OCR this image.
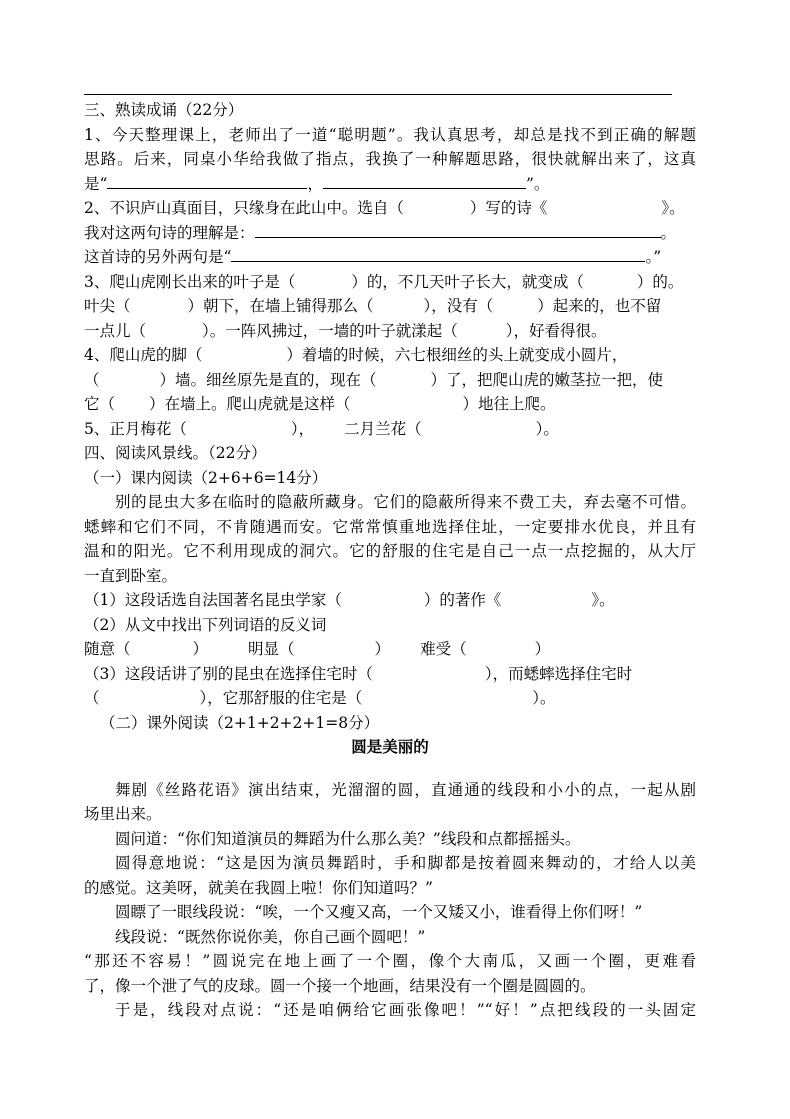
三、熟读成诵（22分）
1、今天整理课上，老师出了一道“聪明题”。我认真思考，却总是找不到正确的解题
思路。后来，同桌小华给我做了指点，我换了一种解题思路，很快就解出来了，这真
是“	，	”。
2、不识庐山真面目，只缘身在此山中。选自（	）写的诗《	》。
我对这两句诗的理解是：	。
这首诗的另外两句是“	。”
3、爬山虎刚长出来的叶子是（	）的，不几天叶子长大，就变成（	）的。
叶尖（	）朝下，在墙上铺得那么（	），没有（	）起来的，也不留
一点儿（	）。一阵风拂过，一墙的叶子就漾起（	），好看得很。
4、爬山虎的脚（	）着墙的时候，六七根细丝的头上就变成小圆片，
（	）墙。细丝原先是直的，现在（	）了，把爬山虎的嫩茎拉一把，使
它（ ）在墙上。爬山虎就是这样（	）地往上爬。
5、正月梅花（	）， 二月兰花（	）。
四、阅读风景线。（22分）
（一）课内阅读（2+6+6=14分）
别的昆虫大多在临时的隐蔽所藏身。它们的隐蔽所得来不费工夫，弃去毫不可惜。
蟋蟀和它们不同，不肯随遇而安。它常常慎重地选择住址，一定要排水优良，并且有
温和的阳光。它不利用现成的洞穴。它的舒服的住宅是自己一点一点挖掘的，从大厅
一直到卧室。
（1）这段话选自法国著名昆虫学家（	）的著作《	》。
（2）从文中找出下列词语的反义词
随意（	）	明显（	） 难受（	）
（3）这段话讲了别的昆虫在选择住宅时（	），而蟋蟀选择住宅时
（	），它那舒服的住宅是（	）。
（二）课外阅读（2+1+2+2+1=8分）
圆是美丽的
舞剧《丝路花语》演出结束，光溜溜的圆，直通通的线段和小小的点，一起从剧
场里出来。
圆问道：“你们知道演员的舞蹈为什么那么美？”线段和点都摇摇头。
圆得意地说：“这是因为演员舞蹈时，手和脚都是按着圆来舞动的，才给人以美
的感觉。这美呀，就美在我圆上啦！你们知道吗？”
圆瞟了一眼线段说：“唉，一个又瘦又高，一个又矮又小，谁看得上你们呀！”
线段说：“既然你说你美，你自己画个圆吧！”
“那还不容易！”圆说完在地上画了一个圈，像个大南瓜，又画一个圈，更难看
了，像一个泄了气的皮球。圆一个接一个地画，结果没有一个圈是圆圆的。
于是，线段对点说：“还是咱俩给它画张像吧！”“好！”点把线段的一头固定
